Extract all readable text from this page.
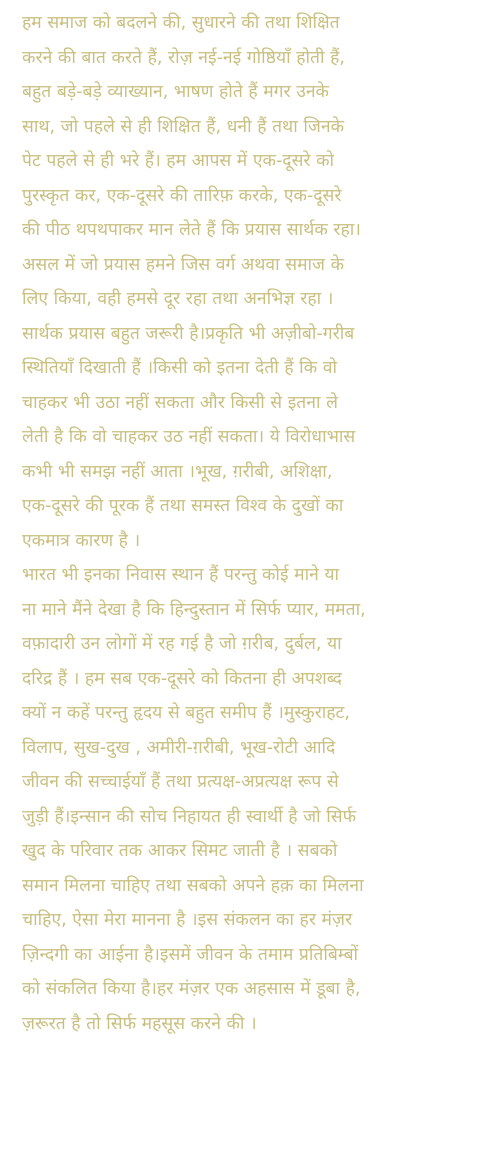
हम समाज को बदलने की, सुधारने की तथा शिक्षित
करने की बात करते हैं, रोज़ नई-नई गोष्ठियाँ होती हैं,
बहुत बड़े-बड़े व्याख्यान, भाषण होते हैं मगर उनके
साथ, जो पहले से ही शिक्षित हैं, धनी हैं तथा जिनके
पेट पहले से ही भरे हैं। हम आपस में एक-दूसरे को
पुरस्कृत कर, एक-दूसरे की तारिफ़ करके, एक-दूसरे
की पीठ थपथपाकर मान लेते हैं कि प्रयास सार्थक रहा।
असल में जो प्रयास हमने जिस वर्ग अथवा समाज के
लिए किया, वही हमसे दूर रहा तथा अनभिज्ञ रहा ।
सार्थक प्रयास बहुत जरूरी है।प्रकृति भी अज़ीबो-गरीब
स्थितियाँ दिखाती हैं ।किसी को इतना देती हैं कि वो
चाहकर भी उठा नहीं सकता और किसी से इतना ले
लेती है कि वो चाहकर उठ नहीं सकता। ये विरोधाभास
कभी भी समझ नहीं आता ।भूख, ग़रीबी, अशिक्षा,
एक-दूसरे की पूरक हैं तथा समस्त विश्व के दुखों का
एकमात्र कारण है ।
भारत भी इनका निवास स्थान हैं परन्तु कोई माने या
ना माने मैंने देखा है कि हिन्दुस्तान में सिर्फ प्यार, ममता,
वफ़ादारी उन लोगों में रह गई है जो ग़रीब, दुर्बल, या
दरिद्र हैं । हम सब एक-दूसरे को कितना ही अपशब्द
क्यों न कहें परन्तु हृदय से बहुत समीप हैं ।मुस्कुराहट,
विलाप, सुख-दुख , अमीरी-ग़रीबी, भूख-रोटी आदि
जीवन की सच्चाईयाँ हैं तथा प्रत्यक्ष-अप्रत्यक्ष रूप से
जुड़ी हैं।इन्सान की सोच निहायत ही स्वार्थी है जो सिर्फ
खुद के परिवार तक आकर सिमट जाती है । सबको
समान मिलना चाहिए तथा सबको अपने हक़ का मिलना
चाहिए, ऐसा मेरा मानना है ।इस संकलन का हर मंज़र
ज़िन्दगी का आईना है।इसमें जीवन के तमाम प्रतिबिम्बों
को संकलित किया है।हर मंज़र एक अहसास में डूबा है,
ज़रूरत है तो सिर्फ महसूस करने की ।
